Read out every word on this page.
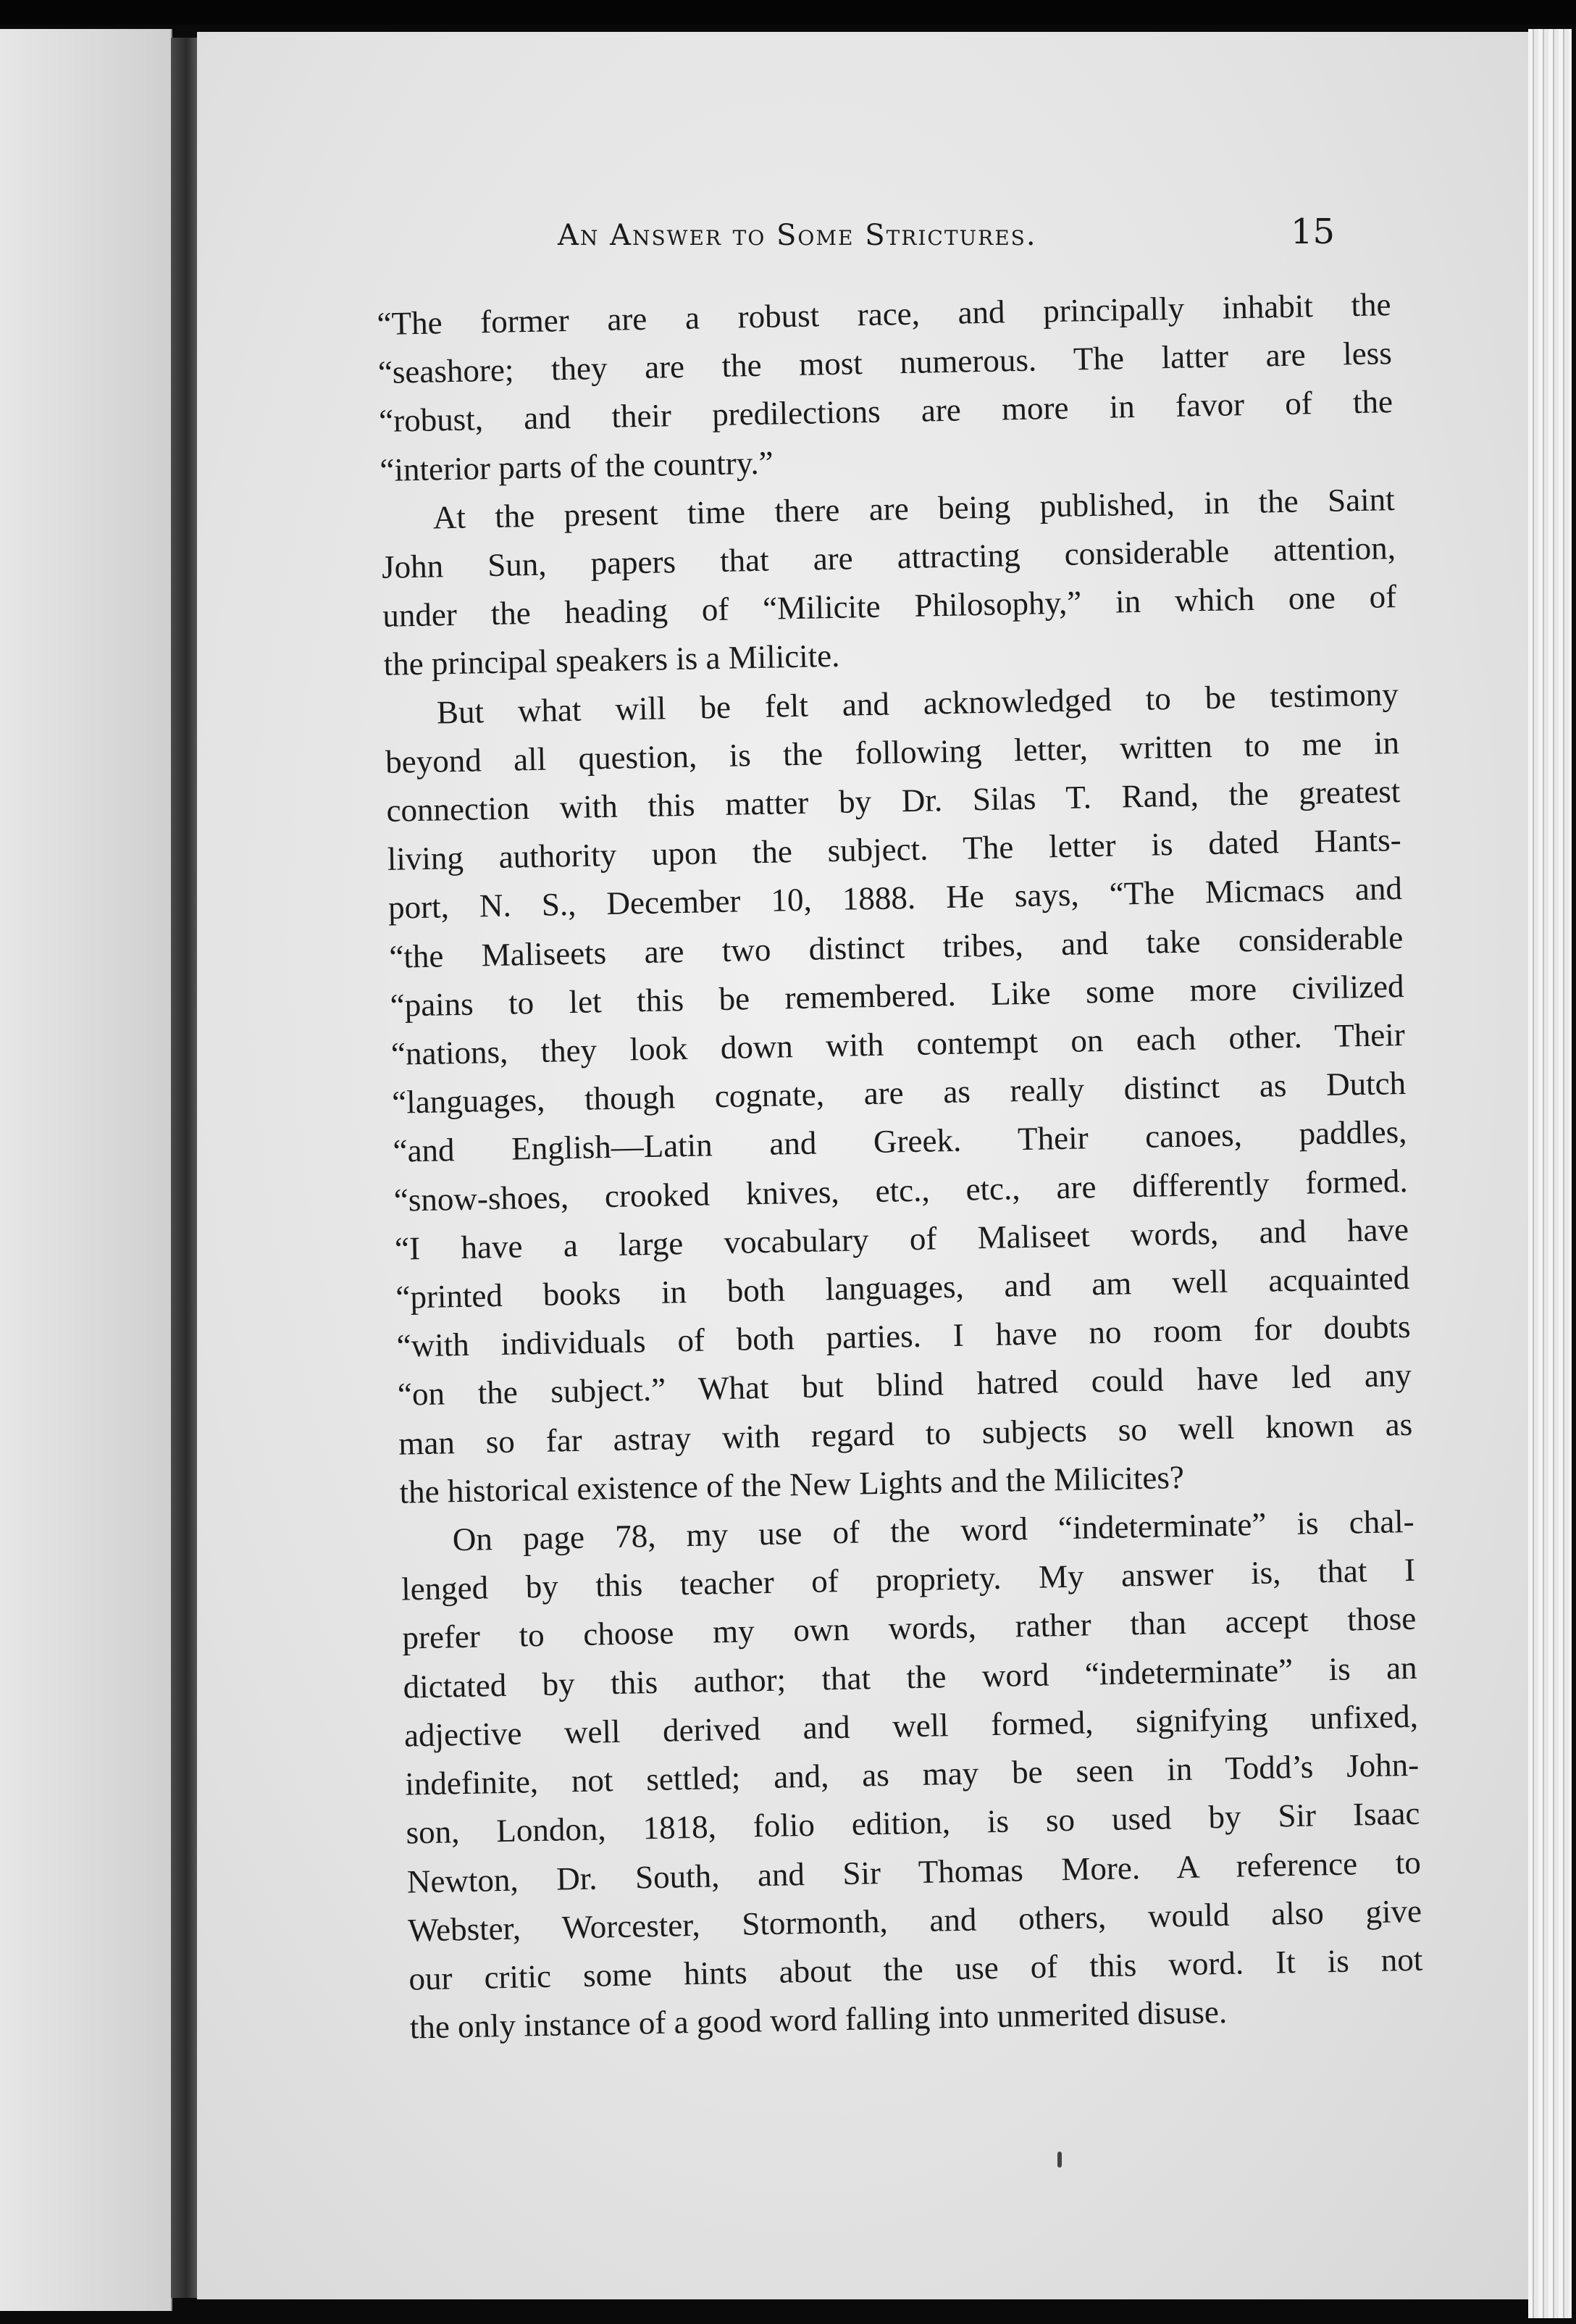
An Answer to Some Strictures.	15
“The former are a robust race, and principally inhabit the
“seashore; they are the most numerous. The latter are less
“robust, and their predilections are more in favor of the
“interior parts of the country.”
At the present time there are being published, in the Saint
John Sun, papers that are attracting considerable attention,
under the heading of “Milicite Philosophy,” in which one of
the principal speakers is a Milicite.
But what will be felt and acknowledged to be testimony
beyond all question, is the following letter, written to me in
connection with this matter by Dr. Silas T. Rand, the greatest
living authority upon the subject. The letter is dated Hants-
port, N. S., December 10, 1888. He says, “The Micmacs and
“the Maliseets are two distinct tribes, and take considerable
“pains to let this be remembered. Like some more civilized
“nations, they look down with contempt on each other. Their
“languages, though cognate, are as really distinct as Dutch
“and English—Latin and Greek. Their canoes, paddles,
“snow-shoes, crooked knives, etc., etc., are differently formed.
“I have a large vocabulary of Maliseet words, and have
“printed books in both languages, and am well acquainted
“with individuals of both parties. I have no room for doubts
“on the subject.” What but blind hatred could have led any
man so far astray with regard to subjects so well known as
the historical existence of the New Lights and the Milicites?
On page 78, my use of the word “indeterminate” is chal-
lenged by this teacher of propriety. My answer is, that I
prefer to choose my own words, rather than accept those
dictated by this author; that the word “indeterminate” is an
adjective well derived and well formed, signifying unfixed,
indefinite, not settled; and, as may be seen in Todd’s John-
son, London, 1818, folio edition, is so used by Sir Isaac
Newton, Dr. South, and Sir Thomas More. A reference to
Webster, Worcester, Stormonth, and others, would also give
our critic some hints about the use of this word. It is not
the only instance of a good word falling into unmerited disuse.
